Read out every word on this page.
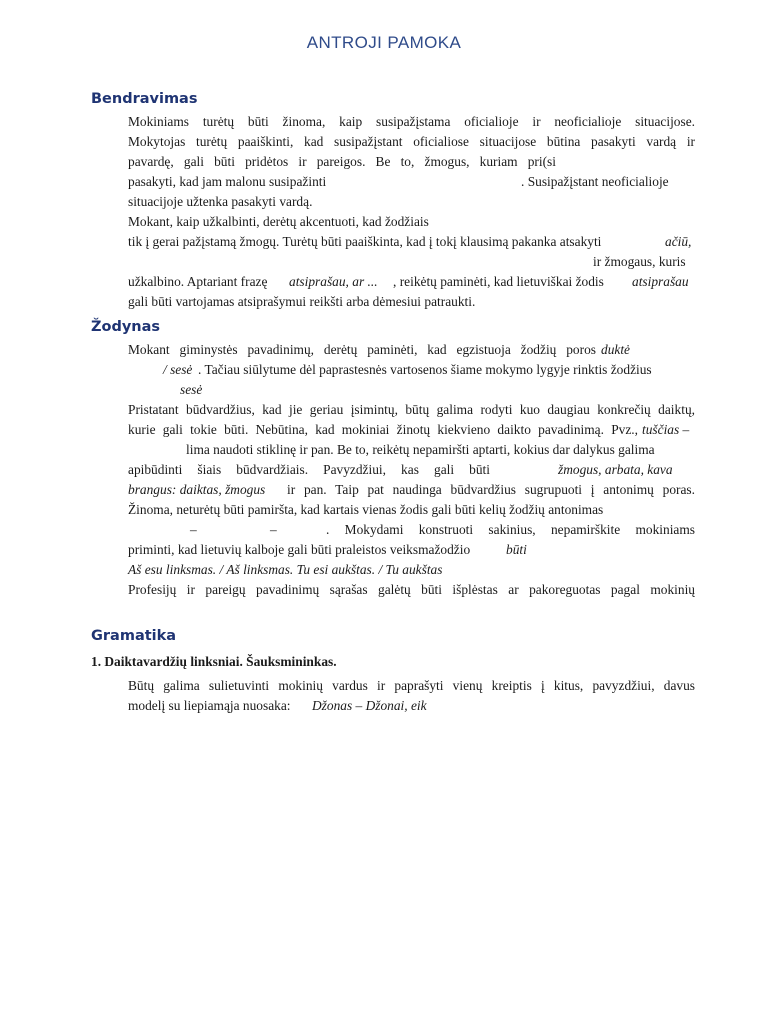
ANTROJI PAMOKA
Bendravimas
Mokiniams turėtų būti žinoma, kaip susipažįstama oficialioje ir neoficialioje situacijose.
Mokytojas turėtų paaiškinti, kad susipažįstant oficialiose situacijose būtina pasakyti vardą ir
pavardę, gali būti pridėtos ir pareigos. Be to, žmogus, kuriam pri(si
pasakyti, kad jam malonu susipažinti	. Susipažįstant neoficialioje
situacijoje užtenka pasakyti vardą.
Mokant, kaip užkalbinti, derėtų akcentuoti, kad žodžiais
tik į gerai pažįstamą žmogų. Turėtų būti paaiškinta, kad į tokį klausimą pakanka atsakyti	ačiū,
ir žmogaus, kuris
užkalbino. Aptariant frazę atsiprašau, ar ... , reikėtų paminėti, kad lietuviškai žodis atsiprašau
gali būti vartojamas atsiprašymui reikšti arba dėmesiui patraukti.
Žodynas
Mokant giminystės pavadinimų, derėtų paminėti, kad egzistuoja žodžių poros duktė
/ sesė . Tačiau siūlytume dėl paprastesnės vartosenos šiame mokymo lygyje rinktis žodžius
sesė
Pristatant būdvardžius, kad jie geriau įsimintų, būtų galima rodyti kuo daugiau konkrečių daiktų,
kurie gali tokie būti. Nebūtina, kad mokiniai žinotų kiekvieno daikto pavadinimą. Pvz., tuščias –
lima naudoti stiklinę ir pan. Be to, reikėtų nepamiršti aptarti, kokius dar dalykus galima
apibūdinti šiais būdvardžiais. Pavyzdžiui, kas gali būti	žmogus, arbata, kava
brangus: daiktas, žmogus ir pan. Taip pat naudinga būdvardžius sugrupuoti į antonimų poras.
Žinoma, neturėtų būti pamiršta, kad kartais vienas žodis gali būti kelių žodžių antonimas
–	–	. Mokydami konstruoti sakinius, nepamirškite mokiniams
priminti, kad lietuvių kalboje gali būti praleistos veiksmažodžio	būti
Aš esu linksmas. / Aš linksmas. Tu esi aukštas. / Tu aukštas
Profesijų ir pareigų pavadinimų sąrašas galėtų būti išplėstas ar pakoreguotas pagal mokinių
Gramatika
1. Daiktavardžių linksniai. Šauksmininkas.
Būtų galima sulietuvinti mokinių vardus ir paprašyti vienų kreiptis į kitus, pavyzdžiui, davus
modelį su liepiamąja nuosaka: Džonas – Džonai, eik
